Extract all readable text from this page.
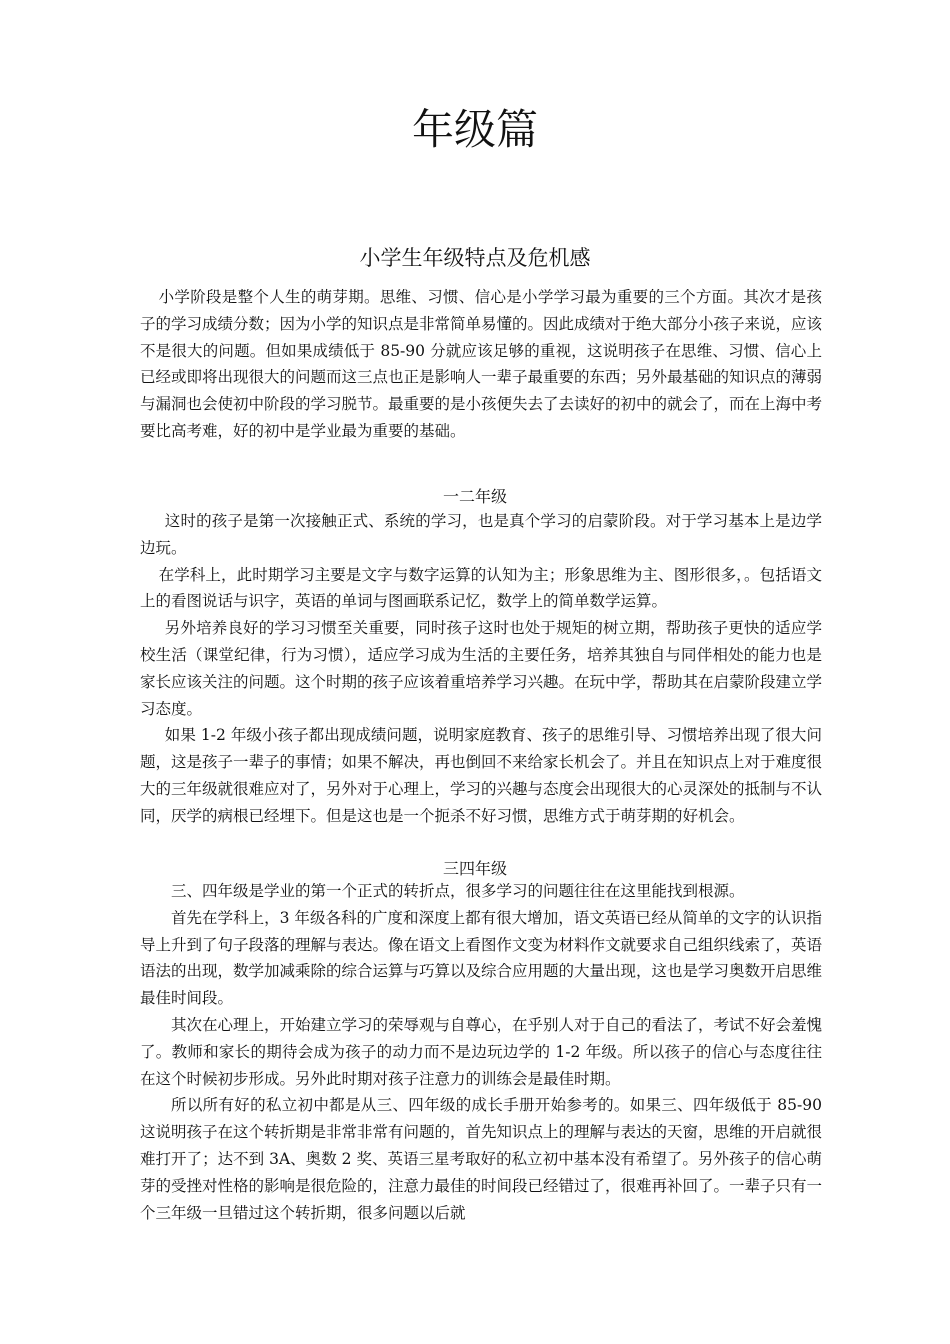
年级篇
小学生年级特点及危机感

小学阶段是整个人生的萌芽期。思维、习惯、信心是小学学习最为重要的三个方面。其次才是孩子的学习成绩分数；因为小学的知识点是非常简单易懂的。因此成绩对于绝大部分小孩子来说，应该不是很大的问题。但如果成绩低于 85-90 分就应该足够的重视，这说明孩子在思维、习惯、信心上已经或即将出现很大的问题而这三点也正是影响人一辈子最重要的东西；另外最基础的知识点的薄弱与漏洞也会使初中阶段的学习脱节。最重要的是小孩便失去了去读好的初中的就会了，而在上海中考要比高考难，好的初中是学业最为重要的基础。

一二年级

这时的孩子是第一次接触正式、系统的学习，也是真个学习的启蒙阶段。对于学习基本上是边学边玩。

在学科上，此时期学习主要是文字与数字运算的认知为主；形象思维为主、图形很多，。包括语文上的看图说话与识字，英语的单词与图画联系记忆，数学上的简单数学运算。

另外培养良好的学习习惯至关重要，同时孩子这时也处于规矩的树立期，帮助孩子更快的适应学校生活（课堂纪律，行为习惯），适应学习成为生活的主要任务，培养其独自与同伴相处的能力也是家长应该关注的问题。这个时期的孩子应该着重培养学习兴趣。在玩中学，帮助其在启蒙阶段建立学习态度。

如果 1-2 年级小孩子都出现成绩问题，说明家庭教育、孩子的思维引导、习惯培养出现了很大问题，这是孩子一辈子的事情；如果不解决，再也倒回不来给家长机会了。并且在知识点上对于难度很大的三年级就很难应对了，另外对于心理上，学习的兴趣与态度会出现很大的心灵深处的抵制与不认同，厌学的病根已经埋下。但是这也是一个扼杀不好习惯，思维方式于萌芽期的好机会。

三四年级

三、四年级是学业的第一个正式的转折点，很多学习的问题往往在这里能找到根源。

首先在学科上，3 年级各科的广度和深度上都有很大增加，语文英语已经从简单的文字的认识指导上升到了句子段落的理解与表达。像在语文上看图作文变为材料作文就要求自己组织线索了，英语语法的出现，数学加减乘除的综合运算与巧算以及综合应用题的大量出现，这也是学习奥数开启思维最佳时间段。

其次在心理上，开始建立学习的荣辱观与自尊心，在乎别人对于自己的看法了，考试不好会羞愧了。教师和家长的期待会成为孩子的动力而不是边玩边学的 1-2 年级。所以孩子的信心与态度往往在这个时候初步形成。另外此时期对孩子注意力的训练会是最佳时期。

所以所有好的私立初中都是从三、四年级的成长手册开始参考的。如果三、四年级低于 85-90 这说明孩子在这个转折期是非常非常有问题的，首先知识点上的理解与表达的天窗，思维的开启就很难打开了；达不到 3A、奥数 2 奖、英语三星考取好的私立初中基本没有希望了。另外孩子的信心萌芽的受挫对性格的影响是很危险的，注意力最佳的时间段已经错过了，很难再补回了。一辈子只有一个三年级一旦错过这个转折期，很多问题以后就
